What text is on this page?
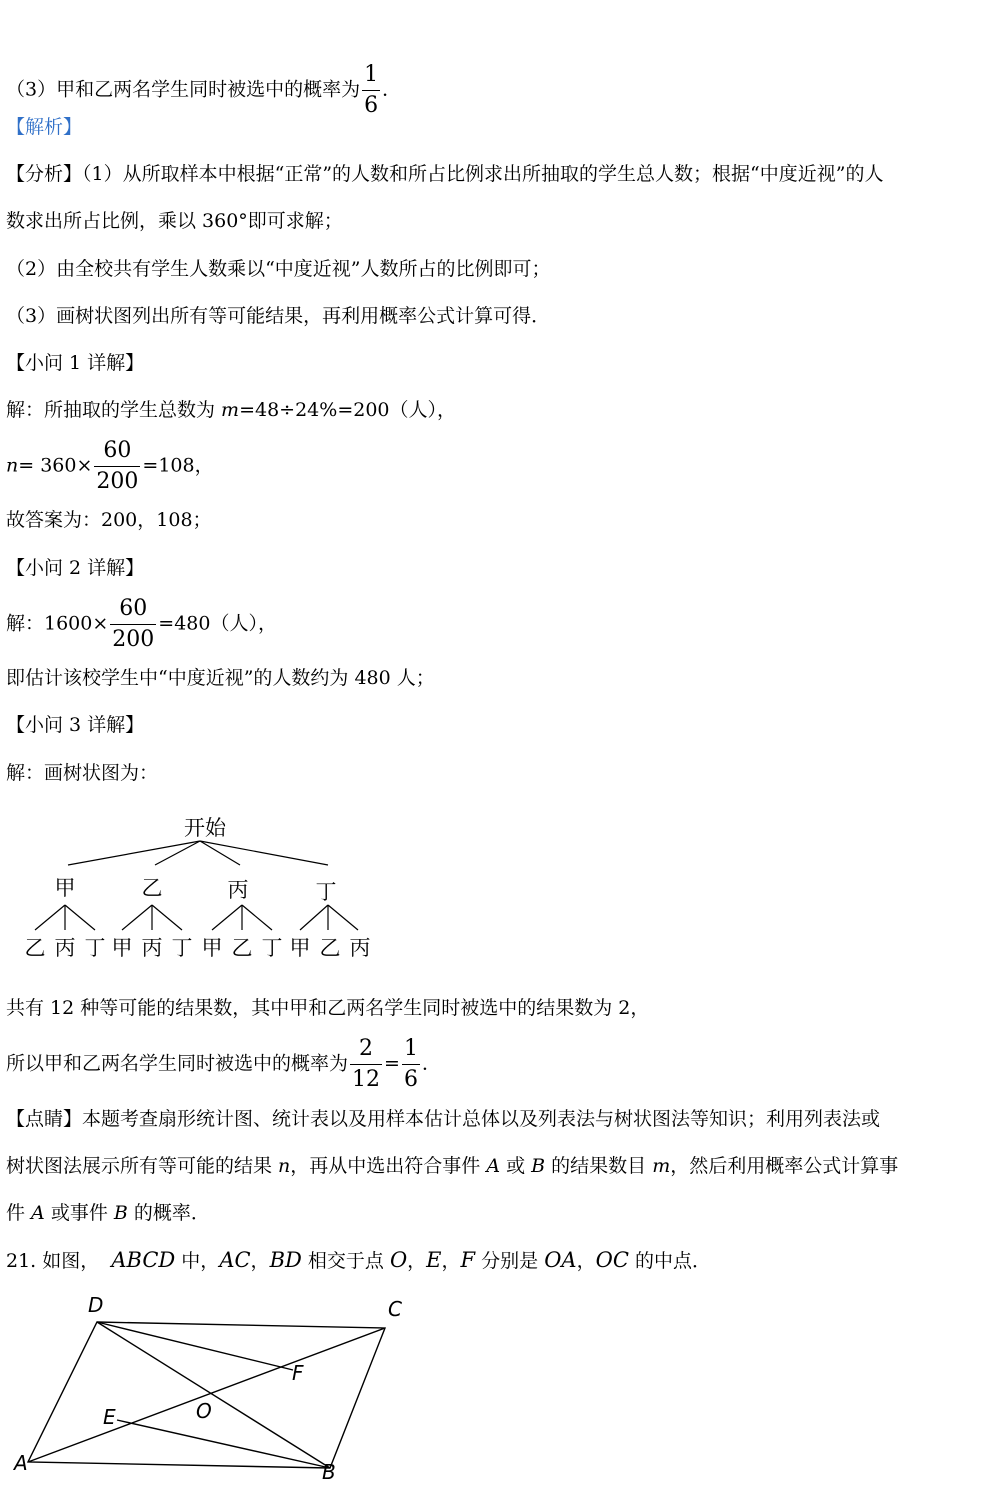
（3）甲和乙两名学生同时被选中的概率为 $\frac{1}{6}$ ．
【解析】
【分析】（1）从所取样本中根据“正常”的人数和所占比例求出所抽取的学生总人数；根据“中度近视”的人
数求出所占比例，乘以 360°即可求解；
（2）由全校共有学生人数乘以“中度近视”人数所占的比例即可；
（3）画树状图列出所有等可能结果，再利用概率公式计算可得．
【小问 1 详解】
解：所抽取的学生总数为 m=48÷24%=200（人），
$n= 360\times \frac{60}{200} =108$，
故答案为：200，108；
【小问 2 详解】
解：$1600\times \frac{60}{200} =480$（人），
即估计该校学生中“中度近视”的人数约为 480 人；
【小问 3 详解】
解：画树状图为：
开始
甲	乙	丙	丁
乙 丙 丁 甲 丙 丁 甲 乙 丁 甲 乙 丙
共有 12 种等可能的结果数，其中甲和乙两名学生同时被选中的结果数为 2，
所以甲和乙两名学生同时被选中的概率为 $\frac{2}{12} = \frac{1}{6}$ ．
【点睛】本题考查扇形统计图、统计表以及用样本估计总体以及列表法与树状图法等知识；利用列表法或
树状图法展示所有等可能的结果 n，再从中选出符合事件 A 或 B 的结果数目 m，然后利用概率公式计算事
件 A 或事件 B 的概率．
21. 如图， ABCD 中，AC，BD 相交于点 O，E，F 分别是 OA，OC 的中点．
D	C
A	B
E
F
O
